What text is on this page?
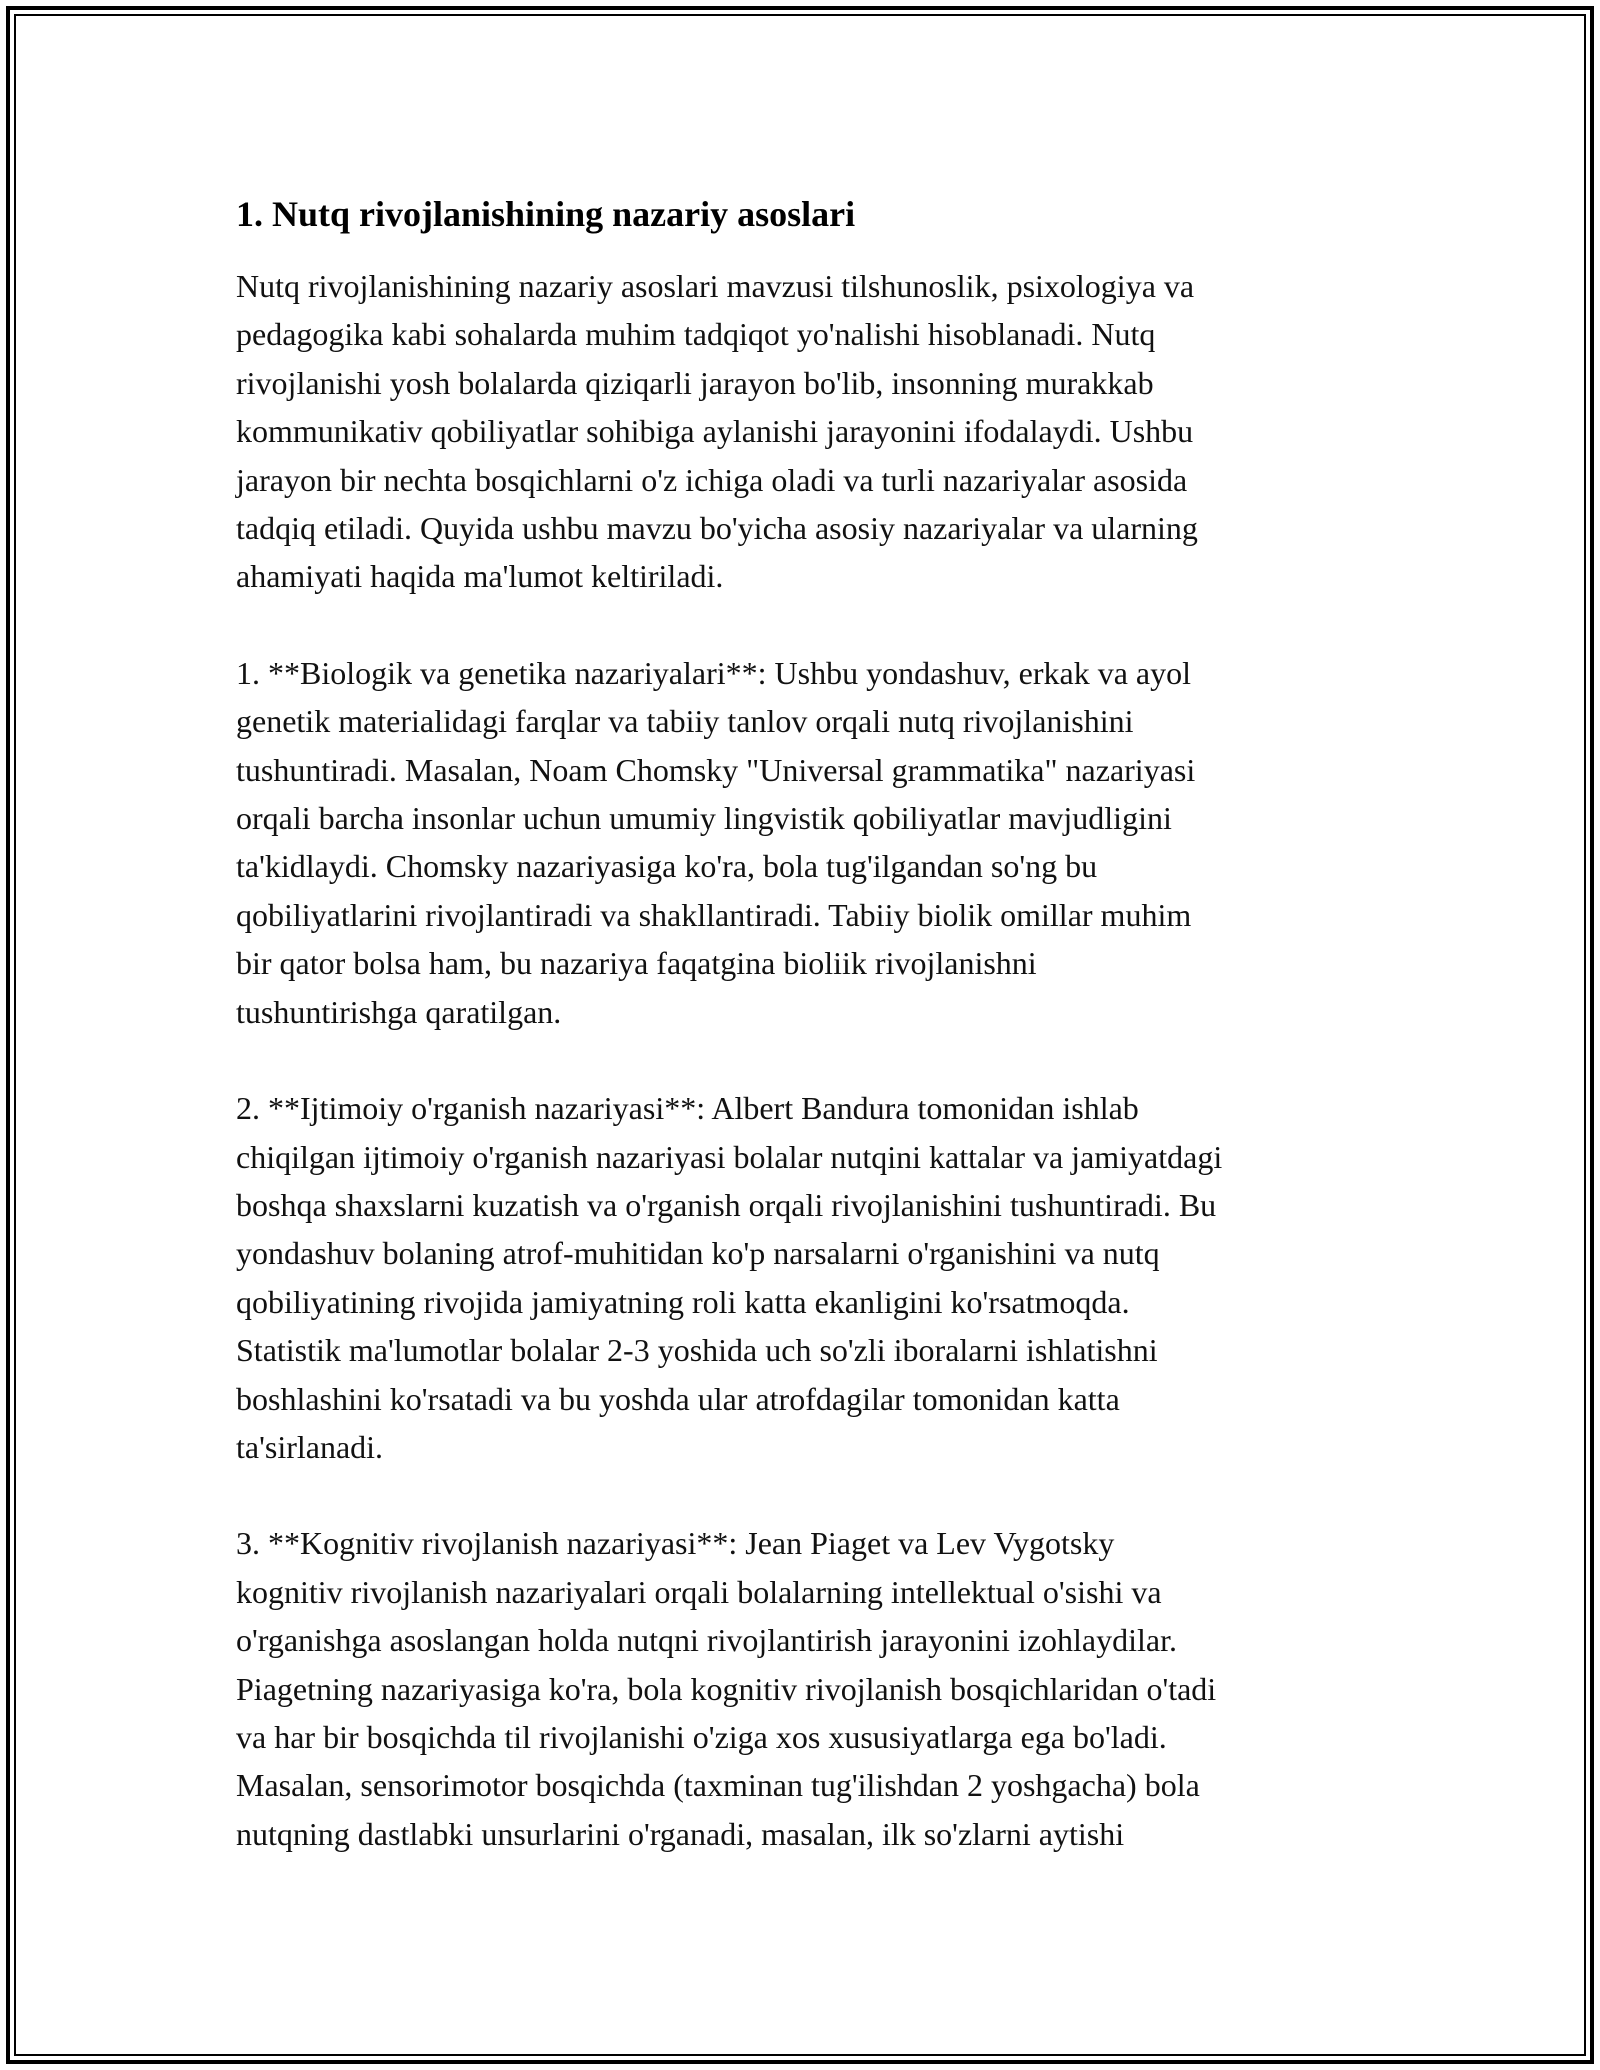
1. Nutq rivojlanishining nazariy asoslari

Nutq rivojlanishining nazariy asoslari mavzusi tilshunoslik, psixologiya va
pedagogika kabi sohalarda muhim tadqiqot yo'nalishi hisoblanadi. Nutq
rivojlanishi yosh bolalarda qiziqarli jarayon bo'lib, insonning murakkab
kommunikativ qobiliyatlar sohibiga aylanishi jarayonini ifodalaydi. Ushbu
jarayon bir nechta bosqichlarni o'z ichiga oladi va turli nazariyalar asosida
tadqiq etiladi. Quyida ushbu mavzu bo'yicha asosiy nazariyalar va ularning
ahamiyati haqida ma'lumot keltiriladi.

1. **Biologik va genetika nazariyalari**: Ushbu yondashuv, erkak va ayol
genetik materialidagi farqlar va tabiiy tanlov orqali nutq rivojlanishini
tushuntiradi. Masalan, Noam Chomsky "Universal grammatika" nazariyasi
orqali barcha insonlar uchun umumiy lingvistik qobiliyatlar mavjudligini
ta'kidlaydi. Chomsky nazariyasiga ko'ra, bola tug'ilgandan so'ng bu
qobiliyatlarini rivojlantiradi va shakllantiradi. Tabiiy biolik omillar muhim
bir qator bolsa ham, bu nazariya faqatgina bioliik rivojlanishni
tushuntirishga qaratilgan.

2. **Ijtimoiy o'rganish nazariyasi**: Albert Bandura tomonidan ishlab
chiqilgan ijtimoiy o'rganish nazariyasi bolalar nutqini kattalar va jamiyatdagi
boshqa shaxslarni kuzatish va o'rganish orqali rivojlanishini tushuntiradi. Bu
yondashuv bolaning atrof-muhitidan ko'p narsalarni o'rganishini va nutq
qobiliyatining rivojida jamiyatning roli katta ekanligini ko'rsatmoqda.
Statistik ma'lumotlar bolalar 2-3 yoshida uch so'zli iboralarni ishlatishni
boshlashini ko'rsatadi va bu yoshda ular atrofdagilar tomonidan katta
ta'sirlanadi.

3. **Kognitiv rivojlanish nazariyasi**: Jean Piaget va Lev Vygotsky
kognitiv rivojlanish nazariyalari orqali bolalarning intellektual o'sishi va
o'rganishga asoslangan holda nutqni rivojlantirish jarayonini izohlaydilar.
Piagetning nazariyasiga ko'ra, bola kognitiv rivojlanish bosqichlaridan o'tadi
va har bir bosqichda til rivojlanishi o'ziga xos xususiyatlarga ega bo'ladi.
Masalan, sensorimotor bosqichda (taxminan tug'ilishdan 2 yoshgacha) bola
nutqning dastlabki unsurlarini o'rganadi, masalan, ilk so'zlarni aytishi
